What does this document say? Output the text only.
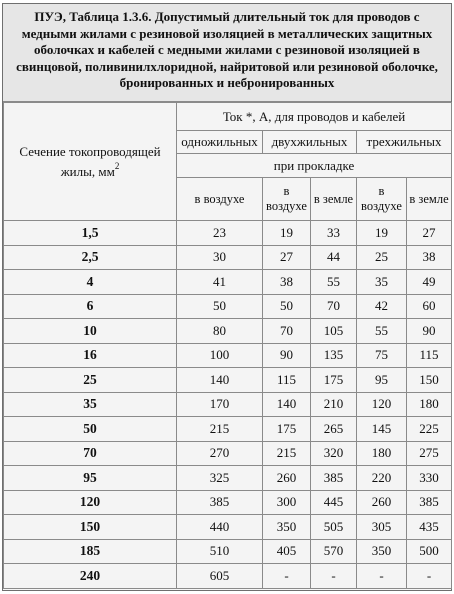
ПУЭ, Таблица 1.3.6. Допустимый длительный ток для проводов с медными жилами с резиновой изоляцией в металлических защитных оболочках и кабелей с медными жилами с резиновой изоляцией в свинцовой, поливинилхлоридной, найритовой или резиновой оболочке, бронированных и небронированных
Сечение токопроводящей жилы, $мм^2$	Ток *, А, для проводов и кабелей				
	одножильных	двухжильных		трехжильных	
	при прокладке				
	в воздухе	в воздухе	в земле	в воздухе	в земле
1,5	23	19	33	19	27
2,5	30	27	44	25	38
4	41	38	55	35	49
6	50	50	70	42	60
10	80	70	105	55	90
16	100	90	135	75	115
25	140	115	175	95	150
35	170	140	210	120	180
50	215	175	265	145	225
70	270	215	320	180	275
95	325	260	385	220	330
120	385	300	445	260	385
150	440	350	505	305	435
185	510	405	570	350	500
240	605	-	-	-	-
